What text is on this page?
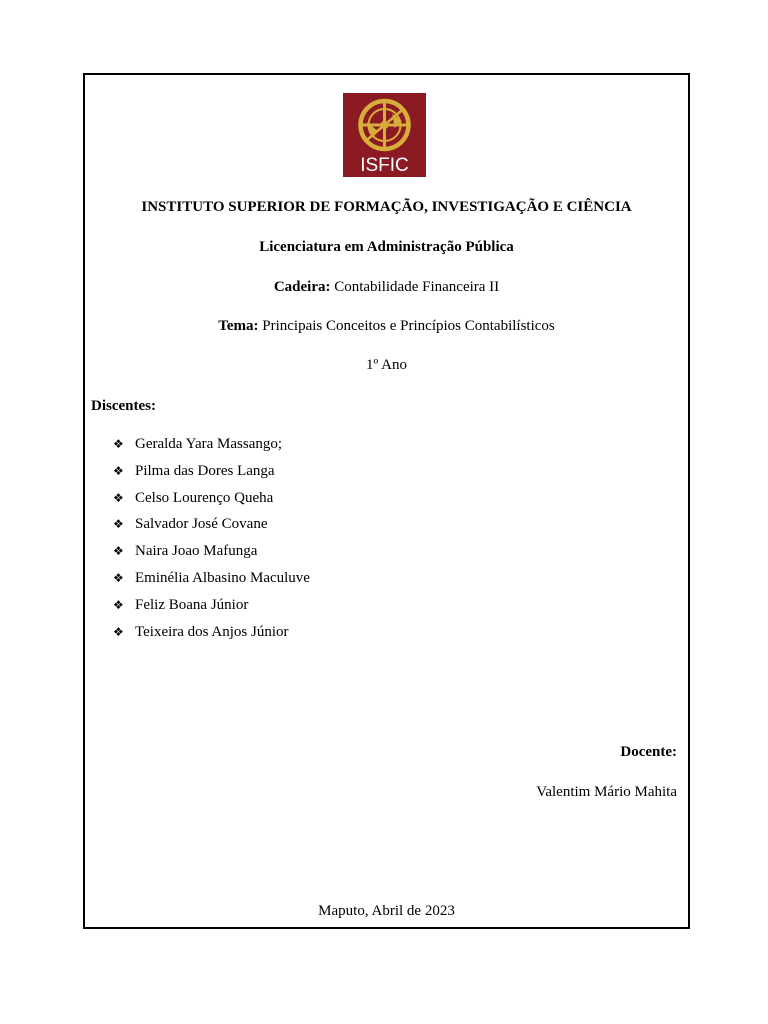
ISFIC
INSTITUTO SUPERIOR DE FORMAÇÃO, INVESTIGAÇÃO E CIÊNCIA
Licenciatura em Administração Pública
Cadeira: Contabilidade Financeira II
Tema: Principais Conceitos e Princípios Contabilísticos
1º Ano
Discentes:
❖ Geralda Yara Massango;
❖ Pilma das Dores Langa
❖ Celso Lourenço Queha
❖ Salvador José Covane
❖ Naira Joao Mafunga
❖ Eminélia Albasino Maculuve
❖ Feliz Boana Júnior
❖ Teixeira dos Anjos Júnior
Docente:
Valentim Mário Mahita
Maputo, Abril de 2023
